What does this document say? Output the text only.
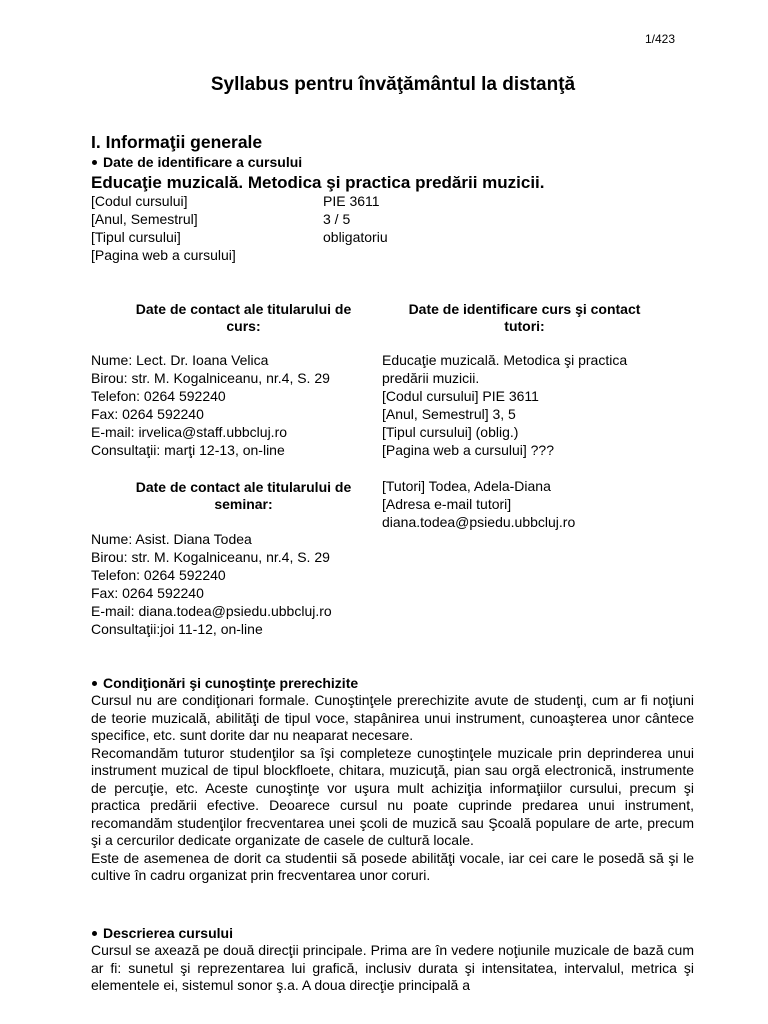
1/423
Syllabus pentru învăţământul la distanţă
I. Informaţii generale
Date de identificare a cursului
Educaţie muzicală. Metodica şi practica predării muzicii.
[Codul cursului]	PIE 3611
[Anul, Semestrul]	3 / 5
[Tipul cursului]	obligatoriu
[Pagina web a cursului]
Date de contact ale titularului de
curs:
Nume: Lect. Dr. Ioana Velica
Birou: str. M. Kogalniceanu, nr.4, S. 29
Telefon: 0264 592240
Fax: 0264 592240
E-mail: irvelica@staff.ubbcluj.ro
Consultaţii: marţi 12-13, on-line
Date de identificare curs şi contact
tutori:
Educaţie muzicală. Metodica şi practica
predării muzicii.
[Codul cursului] PIE 3611
[Anul, Semestrul] 3, 5
[Tipul cursului] (oblig.)
[Pagina web a cursului] ???
[Tutori] Todea, Adela-Diana
[Adresa e-mail tutori]
diana.todea@psiedu.ubbcluj.ro
Date de contact ale titularului de
seminar:
Nume: Asist. Diana Todea
Birou: str. M. Kogalniceanu, nr.4, S. 29
Telefon: 0264 592240
Fax: 0264 592240
E-mail: diana.todea@psiedu.ubbcluj.ro
Consultaţii:joi 11-12, on-line
Condiţionări şi cunoştinţe prerechizite

Cursul nu are condiţionari formale. Cunoştinţele prerechizite avute de studenţi, cum ar fi noţiuni de teorie muzicală, abilităţi de tipul voce, stapânirea unui instrument, cunoaşterea unor cântece specifice, etc. sunt dorite dar nu neaparat necesare.

Recomandăm tuturor studenţilor sa îşi completeze cunoştinţele muzicale prin deprinderea unui instrument muzical de tipul blockfloete, chitara, muzicuţă, pian sau orgă electronică, instrumente de percuţie, etc. Aceste cunoştinţe vor uşura mult achiziţia informaţiilor cursului, precum şi practica predării efective. Deoarece cursul nu poate cuprinde predarea unui instrument, recomandăm studenţilor frecventarea unei şcoli de muzică sau Şcoală populare de arte, precum şi a cercurilor dedicate organizate de casele de cultură locale.

Este de asemenea de dorit ca studentii să posede abilităţi vocale, iar cei care le posedă să şi le cultive în cadru organizat prin frecventarea unor coruri.

Descrierea cursului

Cursul se axează pe două direcţii principale. Prima are în vedere noţiunile muzicale de bază cum ar fi: sunetul şi reprezentarea lui grafică, inclusiv durata şi intensitatea, intervalul, metrica şi elementele ei, sistemul sonor ş.a. A doua direcţie principală a
